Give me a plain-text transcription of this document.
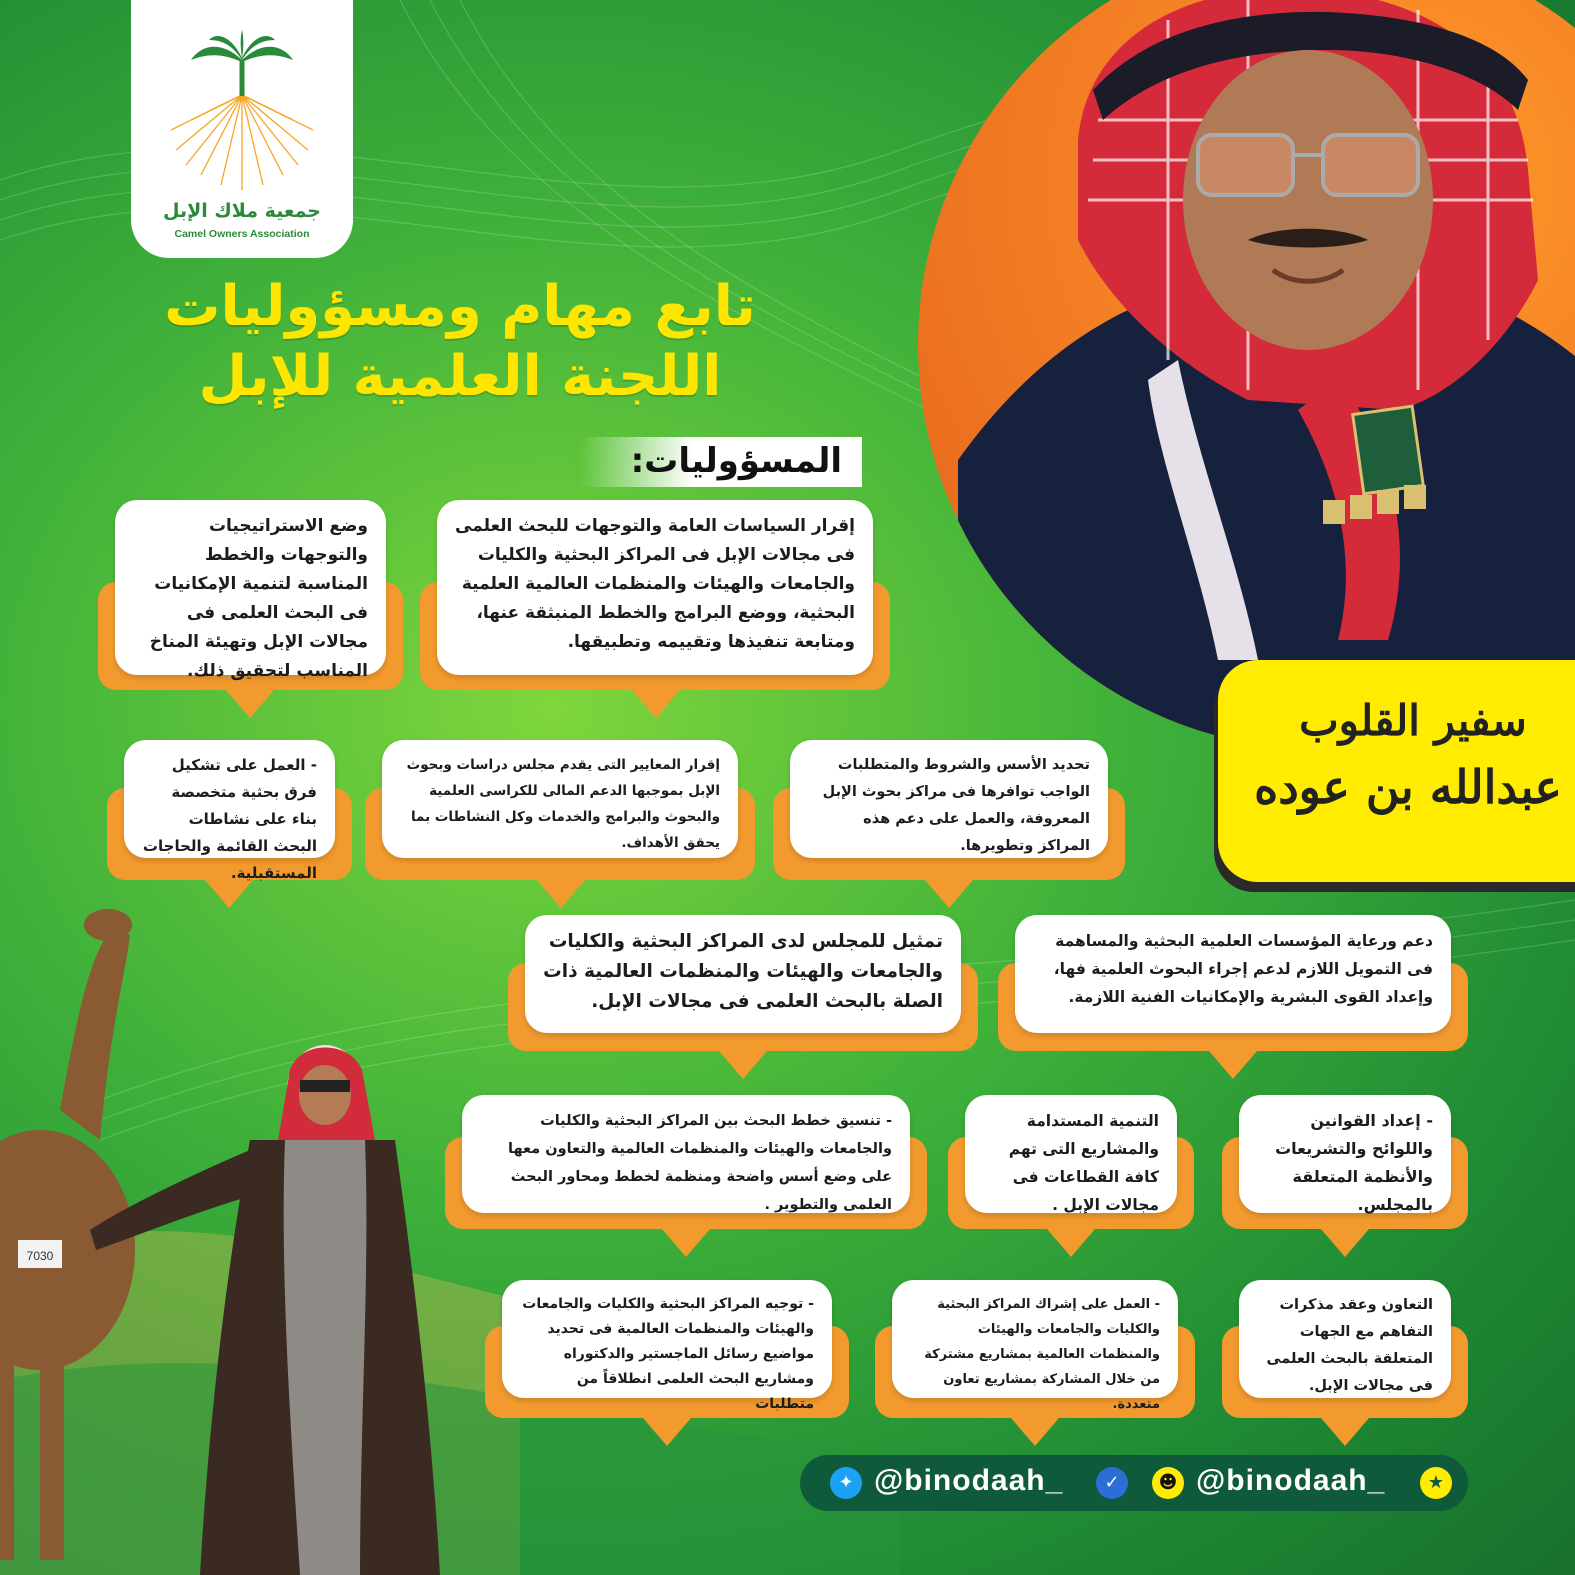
7030
سفير القلوب
عبدالله بن عوده
جمعية ملاك الإبل
Camel Owners Association
تابع مهام ومسؤوليات
اللجنة العلمية للإبل
المسؤوليات:
إقرار السياسات العامة والتوجهات للبحث العلمى فى مجالات الإبل فى المراكز البحثية والكليات والجامعات والهيئات والمنظمات العالمية العلمية البحثية، ووضع البرامج والخطط المنبثقة عنها، ومتابعة تنفيذها وتقييمه وتطبيقها.
وضع الاستراتيجيات والتوجهات والخطط المناسبة لتنمية الإمكانيات فى البحث العلمى فى مجالات الإبل وتهيئة المناخ المناسب لتحقيق ذلك.
تحديد الأسس والشروط والمتطلبات الواجب توافرها فى مراكز بحوث الإبل المعروفة، والعمل على دعم هذه المراكز وتطويرها.
إقرار المعايير التى يقدم مجلس دراسات وبحوث الإبل بموجبها الدعم المالى للكراسى العلمية والبحوث والبرامج والخدمات وكل النشاطات بما يحقق الأهداف.
- العمل على تشكيل فرق بحثية متخصصة بناء على نشاطات البحث القائمة والحاجات المستقبلية.
دعم ورعاية المؤسسات العلمية البحثية والمساهمة فى التمويل اللازم لدعم إجراء البحوث العلمية فها، وإعداد القوى البشرية والإمكانيات الفنية اللازمة.
تمثيل للمجلس لدى المراكز البحثية والكليات والجامعات والهيئات والمنظمات العالمية ذات الصلة بالبحث العلمى فى مجالات الإبل.
- إعداد القوانين واللوائح والتشريعات والأنظمة المتعلقة بالمجلس.
التنمية المستدامة والمشاريع التى تهم كافة القطاعات فى مجالات الإبل .
- تنسيق خطط البحث بين المراكز البحثية والكليات والجامعات والهيئات والمنظمات العالمية والتعاون معها على وضع أسس واضحة ومنظمة لخطط ومحاور البحث العلمى والتطوير .
التعاون وعقد مذكرات التفاهم مع الجهات المتعلقة بالبحث العلمى فى مجالات الإبل.
- العمل على إشراك المراكز البحثية والكليات والجامعات والهيئات والمنظمات العالمية بمشاريع مشتركة من خلال المشاركة بمشاريع تعاون متعددة.
- توجيه المراكز البحثية والكليات والجامعات والهيئات والمنظمات العالمية فى تحديد مواضيع رسائل الماجستير والدكتوراه ومشاريع البحث العلمى انطلاقاً من متطلبات
✦ @binodaah_	✓	☻ @binodaah_	★
